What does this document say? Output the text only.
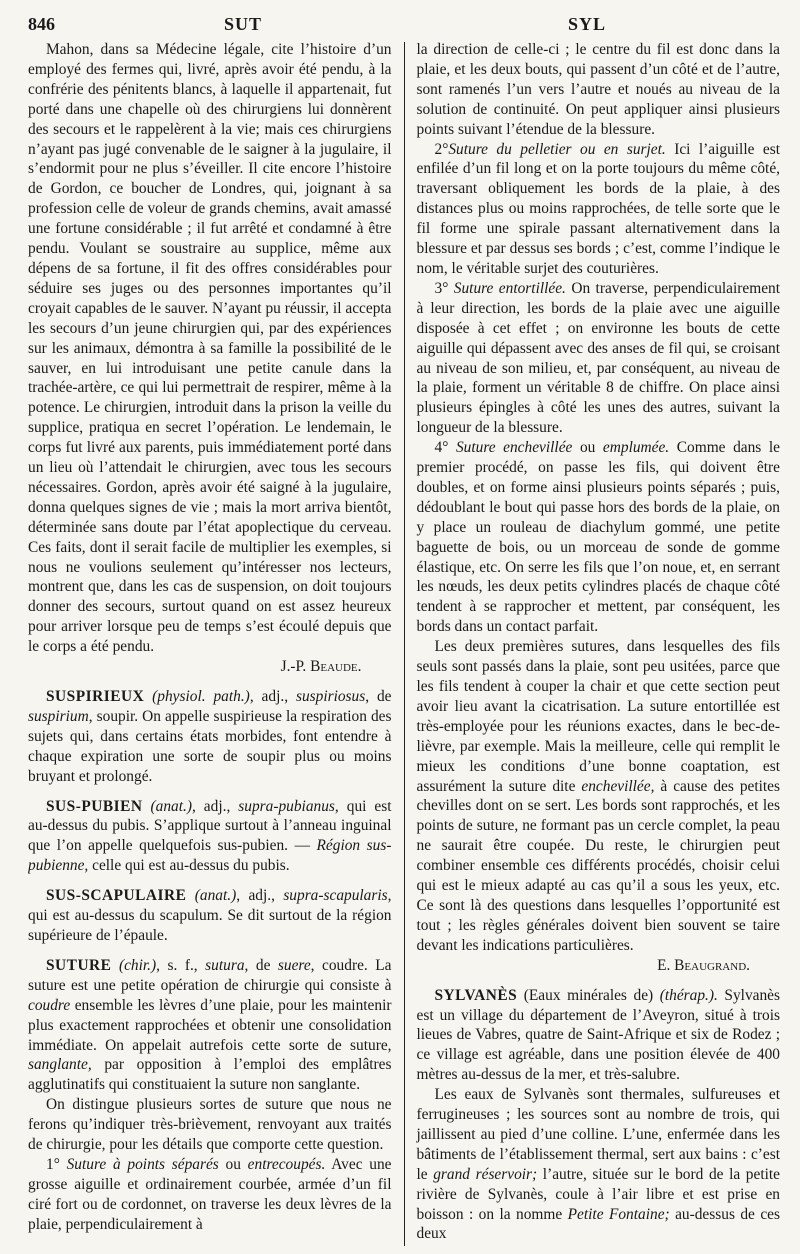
846	SUT	SYL

Mahon, dans sa Médecine légale, cite l’histoire d’un employé des fermes qui, livré, après avoir été pendu, à la confrérie des pénitents blancs, à laquelle il appartenait, fut porté dans une chapelle où des chirurgiens lui donnèrent des secours et le rappelèrent à la vie; mais ces chirurgiens n’ayant pas jugé convenable de le saigner à la jugulaire, il s’endormit pour ne plus s’éveiller. Il cite encore l’histoire de Gordon, ce boucher de Londres, qui, joignant à sa profession celle de voleur de grands chemins, avait amassé une fortune considérable ; il fut arrêté et condamné à être pendu. Voulant se soustraire au supplice, même aux dépens de sa fortune, il fit des offres considérables pour séduire ses juges ou des personnes importantes qu’il croyait capables de le sauver. N’ayant pu réussir, il accepta les secours d’un jeune chirurgien qui, par des expériences sur les animaux, démontra à sa famille la possibilité de le sauver, en lui introduisant une petite canule dans la trachée-artère, ce qui lui permettrait de respirer, même à la potence. Le chirurgien, introduit dans la prison la veille du supplice, pratiqua en secret l’opération. Le lendemain, le corps fut livré aux parents, puis immédiatement porté dans un lieu où l’attendait le chirurgien, avec tous les secours nécessaires. Gordon, après avoir été saigné à la jugulaire, donna quelques signes de vie ; mais la mort arriva bientôt, déterminée sans doute par l’état apoplectique du cerveau. Ces faits, dont il serait facile de multiplier les exemples, si nous ne voulions seulement qu’intéresser nos lecteurs, montrent que, dans les cas de suspension, on doit toujours donner des secours, surtout quand on est assez heureux pour arriver lorsque peu de temps s’est écoulé depuis que le corps a été pendu.

J.-P. Beaude.

SUSPIRIEUX (physiol. path.), adj., suspiriosus, de suspirium, soupir. On appelle suspirieuse la respiration des sujets qui, dans certains états morbides, font entendre à chaque expiration une sorte de soupir plus ou moins bruyant et prolongé.

SUS-PUBIEN (anat.), adj., supra-pubianus, qui est au-dessus du pubis. S’applique surtout à l’anneau inguinal que l’on appelle quelquefois sus-pubien. — Région sus-pubienne, celle qui est au-dessus du pubis.

SUS-SCAPULAIRE (anat.), adj., supra-scapularis, qui est au-dessus du scapulum. Se dit surtout de la région supérieure de l’épaule.

SUTURE (chir.), s. f., sutura, de suere, coudre. La suture est une petite opération de chirurgie qui consiste à coudre ensemble les lèvres d’une plaie, pour les maintenir plus exactement rapprochées et obtenir une consolidation immédiate. On appelait autrefois cette sorte de suture, sanglante, par opposition à l’emploi des emplâtres agglutinatifs qui constituaient la suture non sanglante.

On distingue plusieurs sortes de suture que nous ne ferons qu’indiquer très-brièvement, renvoyant aux traités de chirurgie, pour les détails que comporte cette question.

1° Suture à points séparés ou entrecoupés. Avec une grosse aiguille et ordinairement courbée, armée d’un fil ciré fort ou de cordonnet, on traverse les deux lèvres de la plaie, perpendiculairement à

la direction de celle-ci ; le centre du fil est donc dans la plaie, et les deux bouts, qui passent d’un côté et de l’autre, sont ramenés l’un vers l’autre et noués au niveau de la solution de continuité. On peut appliquer ainsi plusieurs points suivant l’étendue de la blessure.

2°Suture du pelletier ou en surjet. Ici l’aiguille est enfilée d’un fil long et on la porte toujours du même côté, traversant obliquement les bords de la plaie, à des distances plus ou moins rapprochées, de telle sorte que le fil forme une spirale passant alternativement dans la blessure et par dessus ses bords ; c’est, comme l’indique le nom, le véritable surjet des couturières.

3° Suture entortillée. On traverse, perpendiculairement à leur direction, les bords de la plaie avec une aiguille disposée à cet effet ; on environne les bouts de cette aiguille qui dépassent avec des anses de fil qui, se croisant au niveau de son milieu, et, par conséquent, au niveau de la plaie, forment un véritable 8 de chiffre. On place ainsi plusieurs épingles à côté les unes des autres, suivant la longueur de la blessure.

4° Suture enchevillée ou emplumée. Comme dans le premier procédé, on passe les fils, qui doivent être doubles, et on forme ainsi plusieurs points séparés ; puis, dédoublant le bout qui passe hors des bords de la plaie, on y place un rouleau de diachylum gommé, une petite baguette de bois, ou un morceau de sonde de gomme élastique, etc. On serre les fils que l’on noue, et, en serrant les nœuds, les deux petits cylindres placés de chaque côté tendent à se rapprocher et mettent, par conséquent, les bords dans un contact parfait.

Les deux premières sutures, dans lesquelles des fils seuls sont passés dans la plaie, sont peu usitées, parce que les fils tendent à couper la chair et que cette section peut avoir lieu avant la cicatrisation. La suture entortillée est très-employée pour les réunions exactes, dans le bec-de-lièvre, par exemple. Mais la meilleure, celle qui remplit le mieux les conditions d’une bonne coaptation, est assurément la suture dite enchevillée, à cause des petites chevilles dont on se sert. Les bords sont rapprochés, et les points de suture, ne formant pas un cercle complet, la peau ne saurait être coupée. Du reste, le chirurgien peut combiner ensemble ces différents procédés, choisir celui qui est le mieux adapté au cas qu’il a sous les yeux, etc. Ce sont là des questions dans lesquelles l’opportunité est tout ; les règles générales doivent bien souvent se taire devant les indications particulières.

E. Beaugrand.

SYLVANÈS (Eaux minérales de) (thérap.). Sylvanès est un village du département de l’Aveyron, situé à trois lieues de Vabres, quatre de Saint-Afrique et six de Rodez ; ce village est agréable, dans une position élevée de 400 mètres au-dessus de la mer, et très-salubre.

Les eaux de Sylvanès sont thermales, sulfureuses et ferrugineuses ; les sources sont au nombre de trois, qui jaillissent au pied d’une colline. L’une, enfermée dans les bâtiments de l’établissement thermal, sert aux bains : c’est le grand réservoir; l’autre, située sur le bord de la petite rivière de Sylvanès, coule à l’air libre et est prise en boisson : on la nomme Petite Fontaine; au-dessus de ces deux
